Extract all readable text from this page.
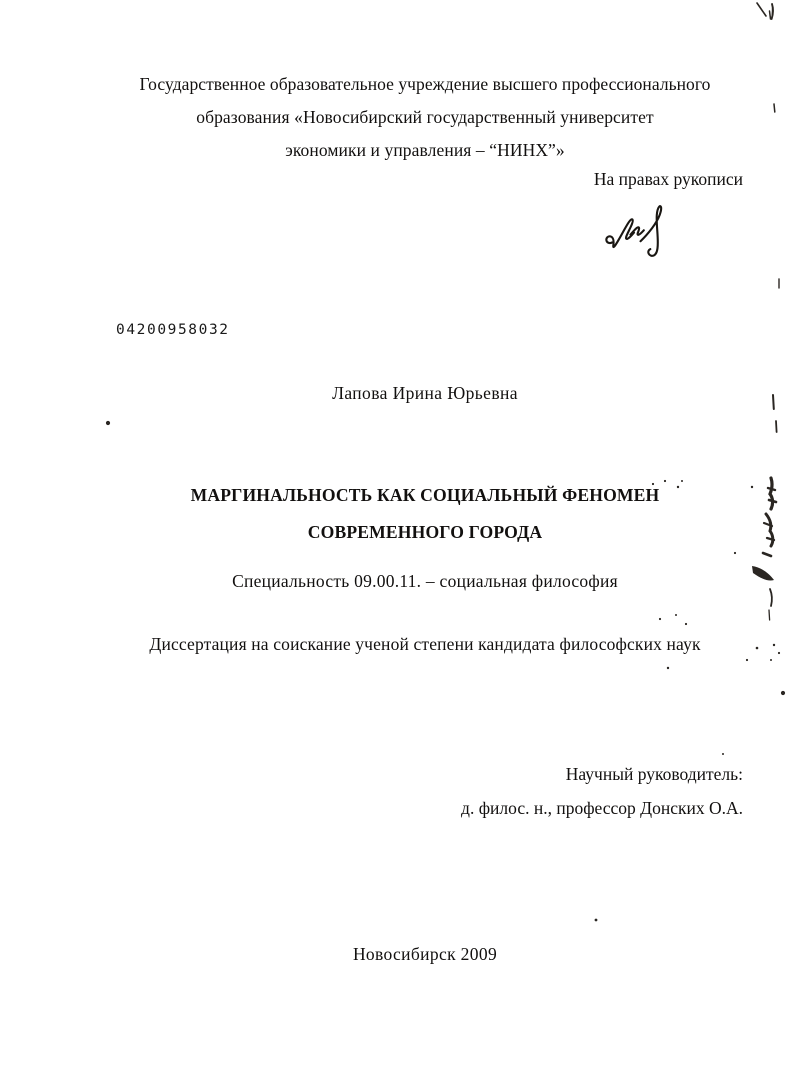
Государственное образовательное учреждение высшего профессионального
образования «Новосибирский государственный университет
экономики и управления – “НИНХ”»
На правах рукописи
04200958032
Лапова Ирина Юрьевна
МАРГИНАЛЬНОСТЬ КАК СОЦИАЛЬНЫЙ ФЕНОМЕН
СОВРЕМЕННОГО ГОРОДА
Специальность 09.00.11. – социальная философия
Диссертация на соискание ученой степени кандидата философских наук
Научный руководитель:
д. филос. н., профессор Донских О.А.
Новосибирск 2009
